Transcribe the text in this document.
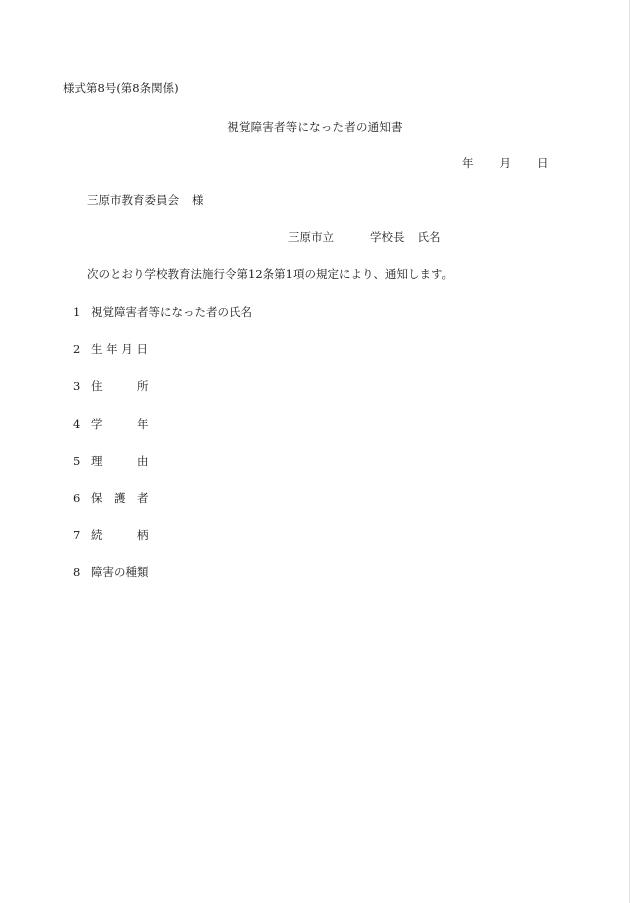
様式第8号(第8条関係)
視覚障害者等になった者の通知書
年 月 日
三原市教育委員会 様
三原市立	学校長 氏名
次のとおり学校教育法施行令第12条第1項の規定により、通知します。
1 視覚障害者等になった者の氏名
2 生 年 月 日
3 住　　　所
4 学　　　年
5 理　　　由
6 保　護　者
7 続　　　柄
8 障害の種類
